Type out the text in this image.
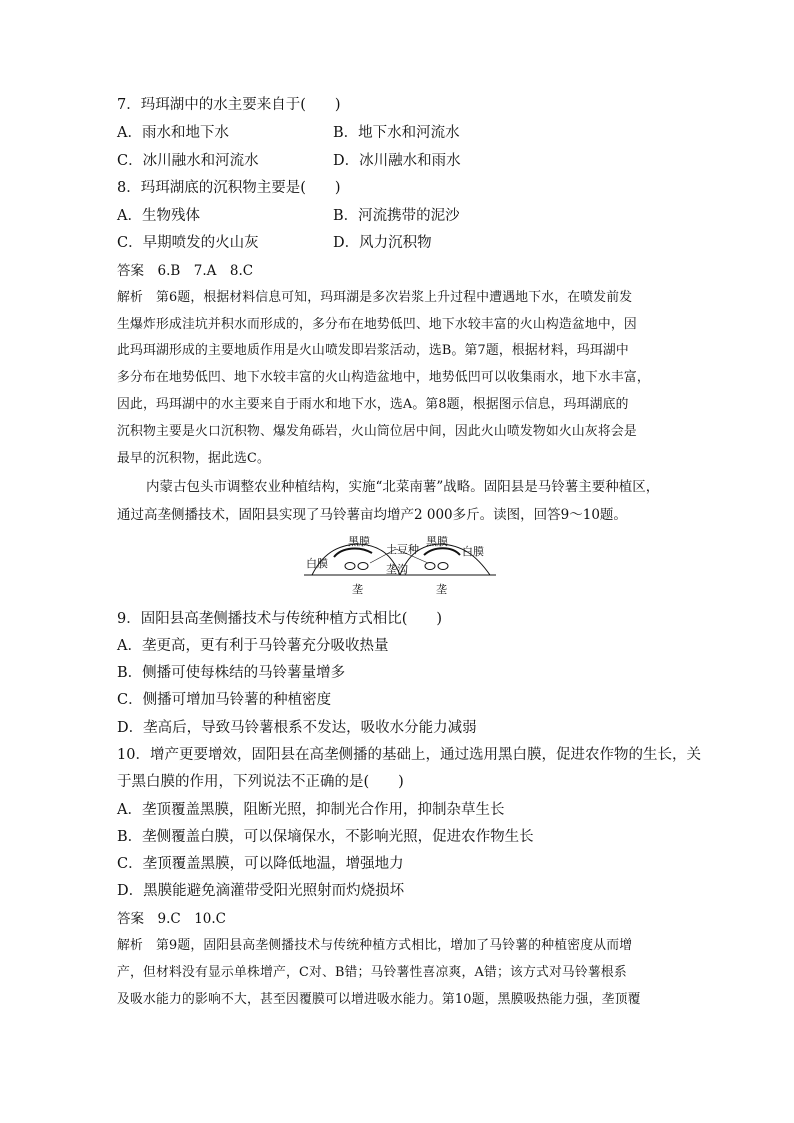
7．玛珥湖中的水主要来自于(　　)
A．雨水和地下水	B．地下水和河流水
C．冰川融水和河流水	D．冰川融水和雨水
8．玛珥湖底的沉积物主要是(　　)
A．生物残体	B．河流携带的泥沙
C．早期喷发的火山灰	D．风力沉积物
答案　6.B　7.A　8.C
解析　第6题，根据材料信息可知，玛珥湖是多次岩浆上升过程中遭遇地下水，在喷发前发
生爆炸形成洼坑并积水而形成的，多分布在地势低凹、地下水较丰富的火山构造盆地中，因
此玛珥湖形成的主要地质作用是火山喷发即岩浆活动，选B。第7题，根据材料，玛珥湖中
多分布在地势低凹、地下水较丰富的火山构造盆地中，地势低凹可以收集雨水，地下水丰富，
因此，玛珥湖中的水主要来自于雨水和地下水，选A。第8题，根据图示信息，玛珥湖底的
沉积物主要是火口沉积物、爆发角砾岩，火山筒位居中间，因此火山喷发物如火山灰将会是
最早的沉积物，据此选C。
内蒙古包头市调整农业种植结构，实施“北菜南薯”战略。固阳县是马铃薯主要种植区，
通过高垄侧播技术，固阳县实现了马铃薯亩均增产2 000多斤。读图，回答9～10题。
黑膜	黑膜
白膜
白膜
土豆种
垄沟
垄	垄
9．固阳县高垄侧播技术与传统种植方式相比(　　)
A．垄更高，更有利于马铃薯充分吸收热量
B．侧播可使每株结的马铃薯量增多
C．侧播可增加马铃薯的种植密度
D．垄高后，导致马铃薯根系不发达，吸收水分能力减弱
10．增产更要增效，固阳县在高垄侧播的基础上，通过选用黑白膜，促进农作物的生长，关
于黑白膜的作用，下列说法不正确的是(　　)
A．垄顶覆盖黑膜，阻断光照，抑制光合作用，抑制杂草生长
B．垄侧覆盖白膜，可以保墒保水，不影响光照，促进农作物生长
C．垄顶覆盖黑膜，可以降低地温，增强地力
D．黑膜能避免滴灌带受阳光照射而灼烧损坏
答案　9.C　10.C
解析　第9题，固阳县高垄侧播技术与传统种植方式相比，增加了马铃薯的种植密度从而增
产，但材料没有显示单株增产，C对、B错；马铃薯性喜凉爽，A错；该方式对马铃薯根系
及吸水能力的影响不大，甚至因覆膜可以增进吸水能力。第10题，黑膜吸热能力强，垄顶覆
